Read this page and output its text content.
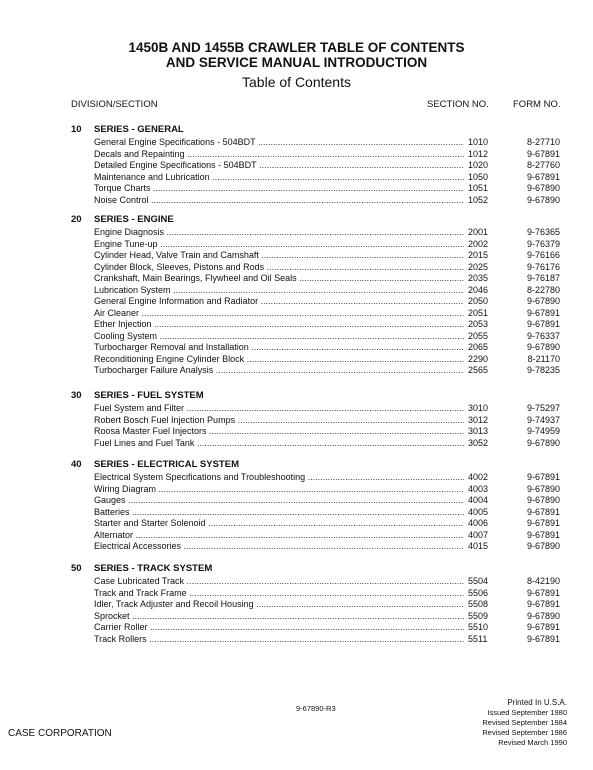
1450B AND 1455B CRAWLER TABLE OF CONTENTS
AND SERVICE MANUAL INTRODUCTION
Table of Contents
DIVISION/SECTION	SECTION NO.	FORM NO.
10 SERIES - GENERAL
General Engine Specifications - 504BDT .....	1010	8-27710
Decals and Repainting .....	1012	9-67891
Detailed Engine Specifications - 504BDT .....	1020	8-27760
Maintenance and Lubrication .....	1050	9-67891
Torque Charts .....	1051	9-67890
Noise Control .....	1052	9-67890
20 SERIES - ENGINE
Engine Diagnosis .....	2001	9-76365
Engine Tune-up .....	2002	9-76379
Cylinder Head, Valve Train and Camshaft .....	2015	9-76166
Cylinder Block, Sleeves, Pistons and Rods .....	2025	9-76176
Crankshaft, Main Bearings, Flywheel and Oil Seals .....	2035	9-76187
Lubrication System .....	2046	8-22780
General Engine Information and Radiator .....	2050	9-67890
Air Cleaner .....	2051	9-67891
Ether Injection .....	2053	9-67891
Cooling System .....	2055	9-76337
Turbocharger Removal and Installation .....	2065	9-67890
Reconditioning Engine Cylinder Block .....	2290	8-21170
Turbocharger Failure Analysis .....	2565	9-78235
30 SERIES - FUEL SYSTEM
Fuel System and Filter .....	3010	9-75297
Robert Bosch Fuel Injection Pumps .....	3012	9-74937
Roosa Master Fuel Injectors .....	3013	9-74959
Fuel Lines and Fuel Tank .....	3052	9-67890
40 SERIES - ELECTRICAL SYSTEM
Electrical System Specifications and Troubleshooting .....	4002	9-67891
Wiring Diagram .....	4003	9-67890
Gauges .....	4004	9-67890
Batteries .....	4005	9-67891
Starter and Starter Solenoid .....	4006	9-67891
Alternator .....	4007	9-67891
Electrical Accessories .....	4015	9-67890
50 SERIES - TRACK SYSTEM
Case Lubricated Track .....	5504	8-42190
Track and Track Frame .....	5506	9-67891
Idler, Track Adjuster and Recoil Housing .....	5508	9-67891
Sprocket .....	5509	9-67890
Carrier Roller .....	5510	9-67891
Track Rollers .....	5511	9-67891
9-67890-R3
CASE CORPORATION
Printed In U.S.A.
Issued September 1980
Revised September 1984
Revised September 1986
Revised March 1990
